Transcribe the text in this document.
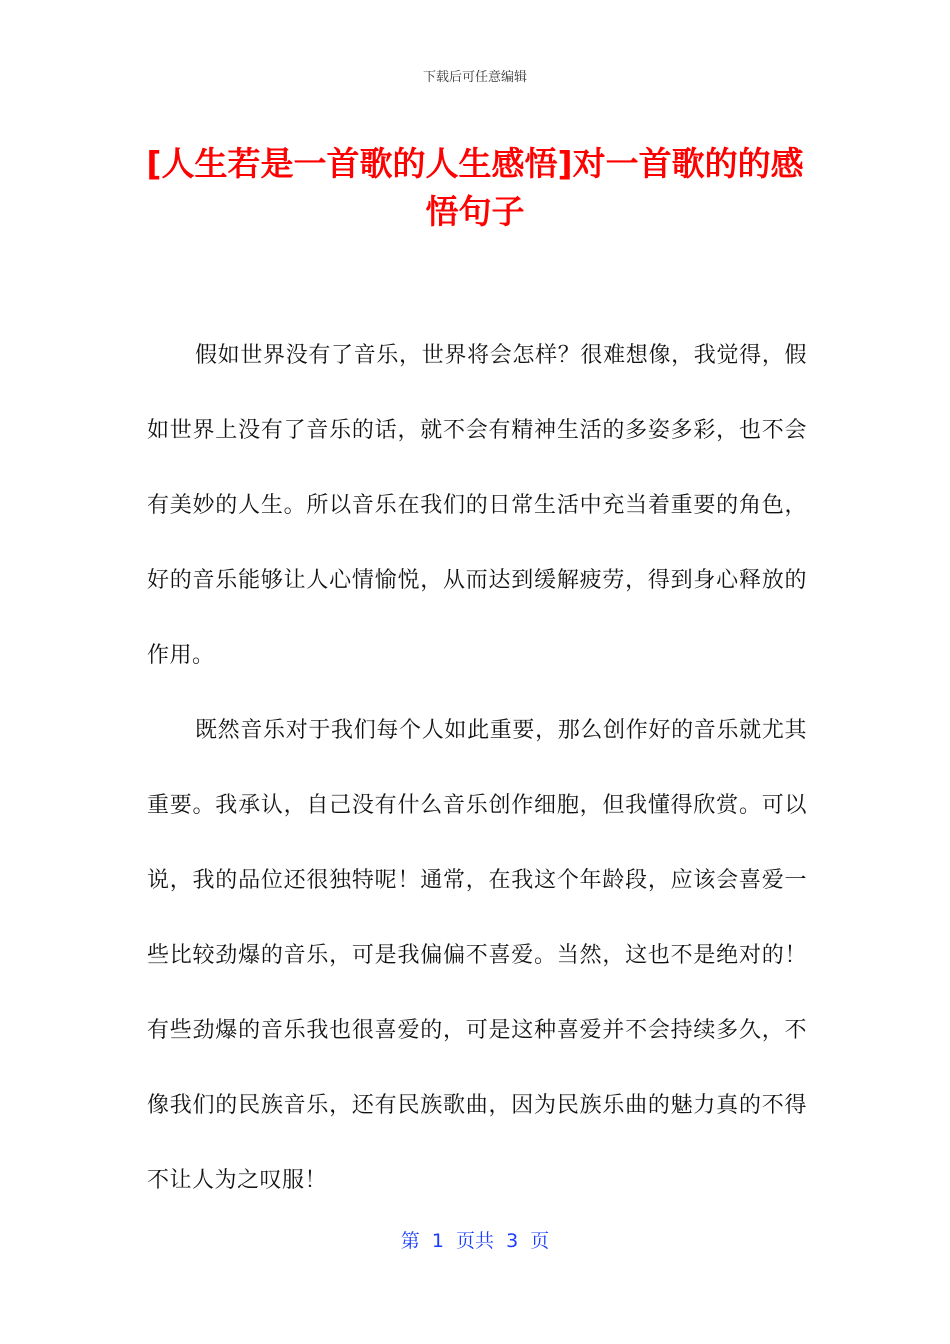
下载后可任意编辑
[人生若是一首歌的人生感悟]对一首歌的的感悟句子

假如世界没有了音乐，世界将会怎样？很难想像，我觉得，假如世界上没有了音乐的话，就不会有精神生活的多姿多彩，也不会有美妙的人生。所以音乐在我们的日常生活中充当着重要的角色，好的音乐能够让人心情愉悦，从而达到缓解疲劳，得到身心释放的作用。

既然音乐对于我们每个人如此重要，那么创作好的音乐就尤其重要。我承认，自己没有什么音乐创作细胞，但我懂得欣赏。可以说，我的品位还很独特呢！通常，在我这个年龄段，应该会喜爱一些比较劲爆的音乐，可是我偏偏不喜爱。当然，这也不是绝对的！有些劲爆的音乐我也很喜爱的，可是这种喜爱并不会持续多久，不像我们的民族音乐，还有民族歌曲，因为民族乐曲的魅力真的不得不让人为之叹服！

第  1  页共  3  页
